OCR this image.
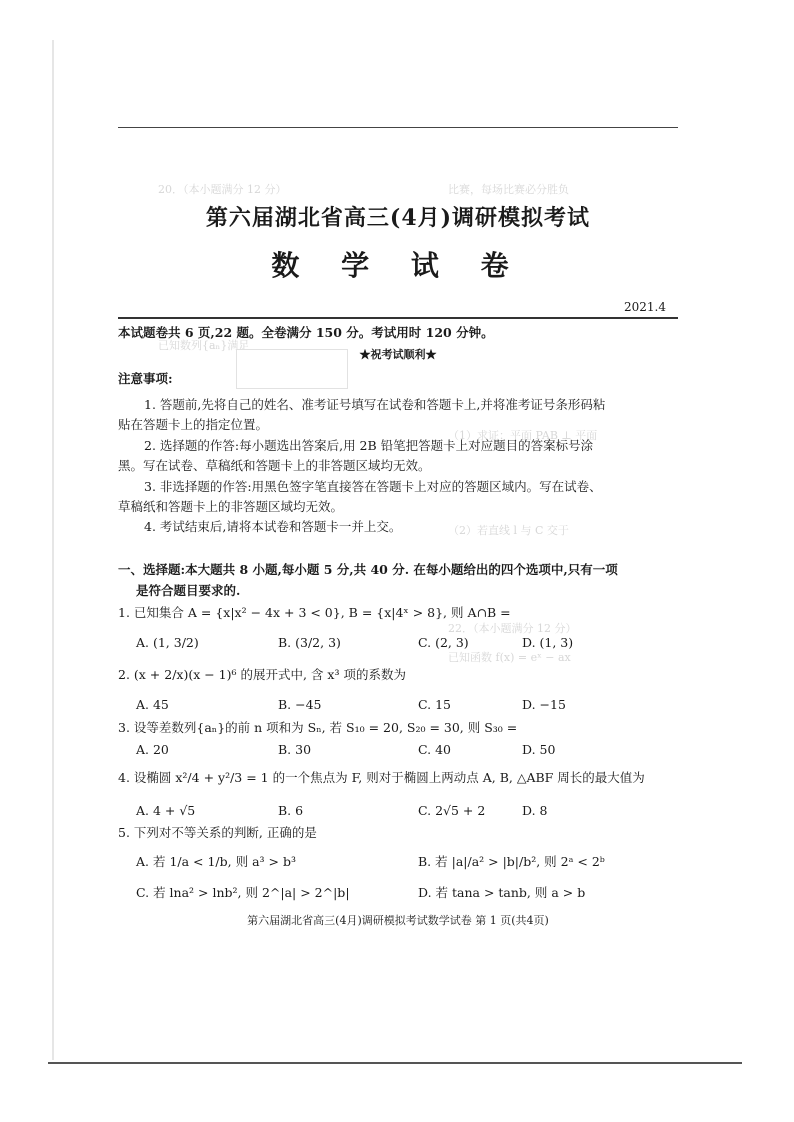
20．（本小题满分 12 分）	比赛，每场比赛必分胜负
已知数列{aₙ}满足
（1）求证：平面 PAB ⊥ 平面
（2）若直线 l 与 C 交于
22．（本小题满分 12 分）
已知函数 f(x) = eˣ − ax
第六届湖北省高三(4月)调研模拟考试
数 学 试 卷
2021.4
本试题卷共 6 页,22 题。全卷满分 150 分。考试用时 120 分钟。
★祝考试顺利★
注意事项:
1. 答题前,先将自己的姓名、准考证号填写在试卷和答题卡上,并将准考证号条形码粘
贴在答题卡上的指定位置。
2. 选择题的作答:每小题选出答案后,用 2B 铅笔把答题卡上对应题目的答案标号涂
黑。写在试卷、草稿纸和答题卡上的非答题区域均无效。
3. 非选择题的作答:用黑色签字笔直接答在答题卡上对应的答题区域内。写在试卷、
草稿纸和答题卡上的非答题区域均无效。
4. 考试结束后,请将本试卷和答题卡一并上交。
一、选择题:本大题共 8 小题,每小题 5 分,共 40 分. 在每小题给出的四个选项中,只有一项
是符合题目要求的.
1. 已知集合 A = {x|x² − 4x + 3 < 0}, B = {x|4ˣ > 8}, 则 A∩B =
A. (1, 3/2)	B. (3/2, 3)	C. (2, 3)	D. (1, 3)
2. (x + 2/x)(x − 1)⁶ 的展开式中, 含 x³ 项的系数为
A. 45	B. −45	C. 15	D. −15
3. 设等差数列{aₙ}的前 n 项和为 Sₙ, 若 S₁₀ = 20, S₂₀ = 30, 则 S₃₀ =
A. 20	B. 30	C. 40	D. 50
4. 设椭圆 x²/4 + y²/3 = 1 的一个焦点为 F, 则对于椭圆上两动点 A, B, △ABF 周长的最大值为
A. 4 + √5	B. 6	C. 2√5 + 2	D. 8
5. 下列对不等关系的判断, 正确的是
A. 若 1/a < 1/b, 则 a³ > b³	B. 若 |a|/a² > |b|/b², 则 2ᵃ < 2ᵇ
C. 若 lna² > lnb², 则 2^|a| > 2^|b|	D. 若 tana > tanb, 则 a > b
第六届湖北省高三(4月)调研模拟考试数学试卷 第 1 页(共4页)
